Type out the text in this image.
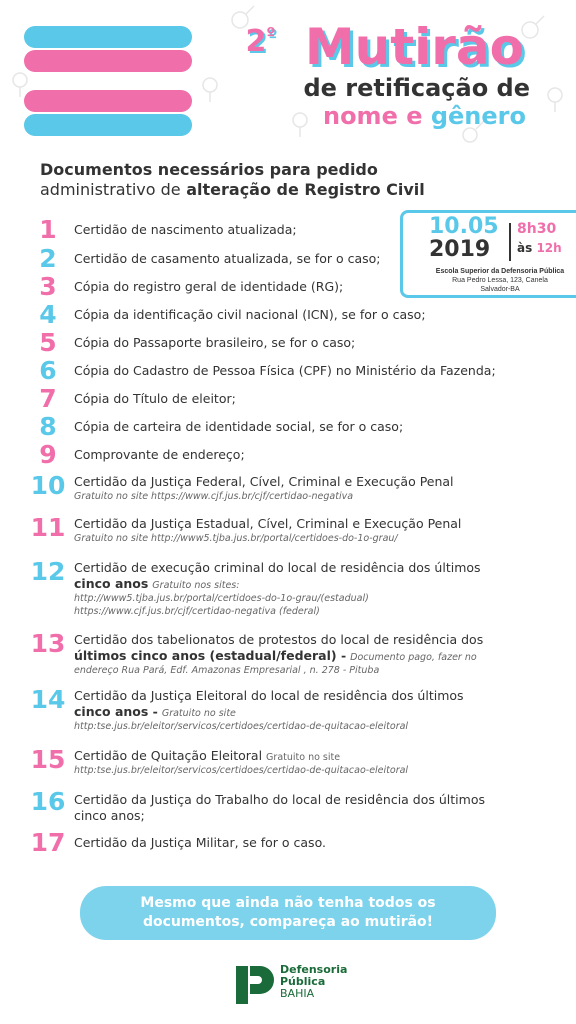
$2^º$ Mutirão
de retificação de
nome e gênero
Documentos necessários para pedido
administrativo de alteração de Registro Civil
10.05
2019
8h30
às 12h
Escola Superior da Defensoria Pública
Rua Pedro Lessa, 123, Canela
Salvador-BA
1	Certidão de nascimento atualizada;
2	Certidão de casamento atualizada, se for o caso;
3	Cópia do registro geral de identidade (RG);
4	Cópia da identificação civil nacional (ICN), se for o caso;
5	Cópia do Passaporte brasileiro, se for o caso;
6	Cópia do Cadastro de Pessoa Física (CPF) no Ministério da Fazenda;
7	Cópia do Título de eleitor;
8	Cópia de carteira de identidade social, se for o caso;
9	Comprovante de endereço;
10 Certidão da Justiça Federal, Cível, Criminal e Execução Penal
Gratuito no site https://www.cjf.jus.br/cjf/certidao-negativa
11 Certidão da Justiça Estadual, Cível, Criminal e Execução Penal
Gratuito no site http://www5.tjba.jus.br/portal/certidoes-do-1o-grau/
12 Certidão de execução criminal do local de residência dos últimos
cinco anos Gratuito nos sites:
http://www5.tjba.jus.br/portal/certidoes-do-1o-grau/(estadual)
https://www.cjf.jus.br/cjf/certidao-negativa (federal)
13 Certidão dos tabelionatos de protestos do local de residência dos
últimos cinco anos (estadual/federal) - Documento pago, fazer no
endereço Rua Pará, Edf. Amazonas Empresarial , n. 278 - Pituba
14 Certidão da Justiça Eleitoral do local de residência dos últimos
cinco anos - Gratuito no site
http:tse.jus.br/eleitor/servicos/certidoes/certidao-de-quitacao-eleitoral
15 Certidão de Quitação Eleitoral Gratuito no site
http:tse.jus.br/eleitor/servicos/certidoes/certidao-de-quitacao-eleitoral
16 Certidão da Justiça do Trabalho do local de residência dos últimos
cinco anos;
17 Certidão da Justiça Militar, se for o caso.
Mesmo que ainda não tenha todos os
documentos, compareça ao mutirão!
Defensoria
Pública
BAHIA
